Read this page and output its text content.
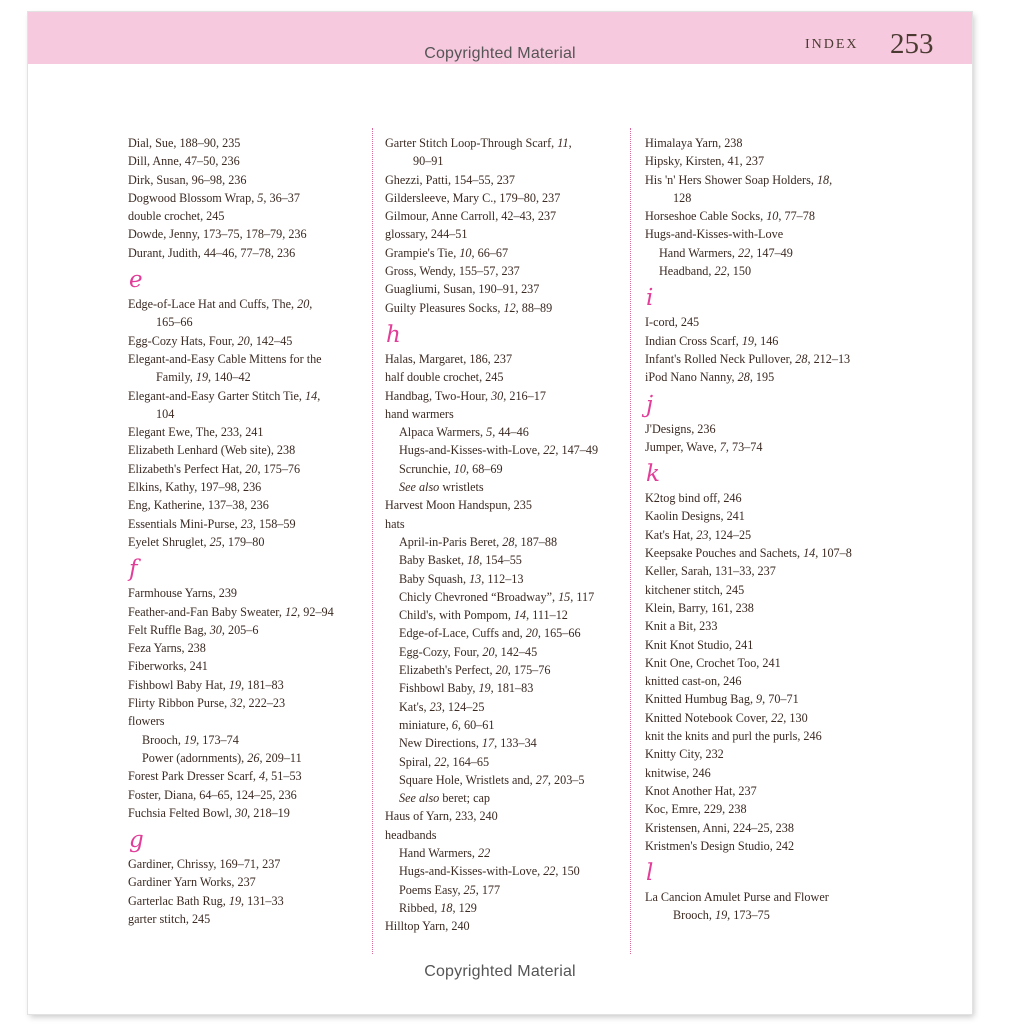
INDEX 253
Copyrighted Material
Dial, Sue, 188–90, 235
Dill, Anne, 47–50, 236
Dirk, Susan, 96–98, 236
Dogwood Blossom Wrap, 5, 36–37
double crochet, 245
Dowde, Jenny, 173–75, 178–79, 236
Durant, Judith, 44–46, 77–78, 236
e
Edge-of-Lace Hat and Cuffs, The, 20,
165–66
Egg-Cozy Hats, Four, 20, 142–45
Elegant-and-Easy Cable Mittens for the
Family, 19, 140–42
Elegant-and-Easy Garter Stitch Tie, 14,
104
Elegant Ewe, The, 233, 241
Elizabeth Lenhard (Web site), 238
Elizabeth's Perfect Hat, 20, 175–76
Elkins, Kathy, 197–98, 236
Eng, Katherine, 137–38, 236
Essentials Mini-Purse, 23, 158–59
Eyelet Shruglet, 25, 179–80
f
Farmhouse Yarns, 239
Feather-and-Fan Baby Sweater, 12, 92–94
Felt Ruffle Bag, 30, 205–6
Feza Yarns, 238
Fiberworks, 241
Fishbowl Baby Hat, 19, 181–83
Flirty Ribbon Purse, 32, 222–23
flowers
Brooch, 19, 173–74
Power (adornments), 26, 209–11
Forest Park Dresser Scarf, 4, 51–53
Foster, Diana, 64–65, 124–25, 236
Fuchsia Felted Bowl, 30, 218–19
g
Gardiner, Chrissy, 169–71, 237
Gardiner Yarn Works, 237
Garterlac Bath Rug, 19, 131–33
garter stitch, 245
Garter Stitch Loop-Through Scarf, 11,
90–91
Ghezzi, Patti, 154–55, 237
Gildersleeve, Mary C., 179–80, 237
Gilmour, Anne Carroll, 42–43, 237
glossary, 244–51
Grampie's Tie, 10, 66–67
Gross, Wendy, 155–57, 237
Guagliumi, Susan, 190–91, 237
Guilty Pleasures Socks, 12, 88–89
h
Halas, Margaret, 186, 237
half double crochet, 245
Handbag, Two-Hour, 30, 216–17
hand warmers
Alpaca Warmers, 5, 44–46
Hugs-and-Kisses-with-Love, 22, 147–49
Scrunchie, 10, 68–69
See also wristlets
Harvest Moon Handspun, 235
hats
April-in-Paris Beret, 28, 187–88
Baby Basket, 18, 154–55
Baby Squash, 13, 112–13
Chicly Chevroned “Broadway”, 15, 117
Child's, with Pompom, 14, 111–12
Edge-of-Lace, Cuffs and, 20, 165–66
Egg-Cozy, Four, 20, 142–45
Elizabeth's Perfect, 20, 175–76
Fishbowl Baby, 19, 181–83
Kat's, 23, 124–25
miniature, 6, 60–61
New Directions, 17, 133–34
Spiral, 22, 164–65
Square Hole, Wristlets and, 27, 203–5
See also beret; cap
Haus of Yarn, 233, 240
headbands
Hand Warmers, 22
Hugs-and-Kisses-with-Love, 22, 150
Poems Easy, 25, 177
Ribbed, 18, 129
Hilltop Yarn, 240
Himalaya Yarn, 238
Hipsky, Kirsten, 41, 237
His 'n' Hers Shower Soap Holders, 18,
128
Horseshoe Cable Socks, 10, 77–78
Hugs-and-Kisses-with-Love
Hand Warmers, 22, 147–49
Headband, 22, 150
i
I-cord, 245
Indian Cross Scarf, 19, 146
Infant's Rolled Neck Pullover, 28, 212–13
iPod Nano Nanny, 28, 195
j
J'Designs, 236
Jumper, Wave, 7, 73–74
k
K2tog bind off, 246
Kaolin Designs, 241
Kat's Hat, 23, 124–25
Keepsake Pouches and Sachets, 14, 107–8
Keller, Sarah, 131–33, 237
kitchener stitch, 245
Klein, Barry, 161, 238
Knit a Bit, 233
Knit Knot Studio, 241
Knit One, Crochet Too, 241
knitted cast-on, 246
Knitted Humbug Bag, 9, 70–71
Knitted Notebook Cover, 22, 130
knit the knits and purl the purls, 246
Knitty City, 232
knitwise, 246
Knot Another Hat, 237
Koc, Emre, 229, 238
Kristensen, Anni, 224–25, 238
Kristmen's Design Studio, 242
l
La Cancion Amulet Purse and Flower
Brooch, 19, 173–75
Copyrighted Material
